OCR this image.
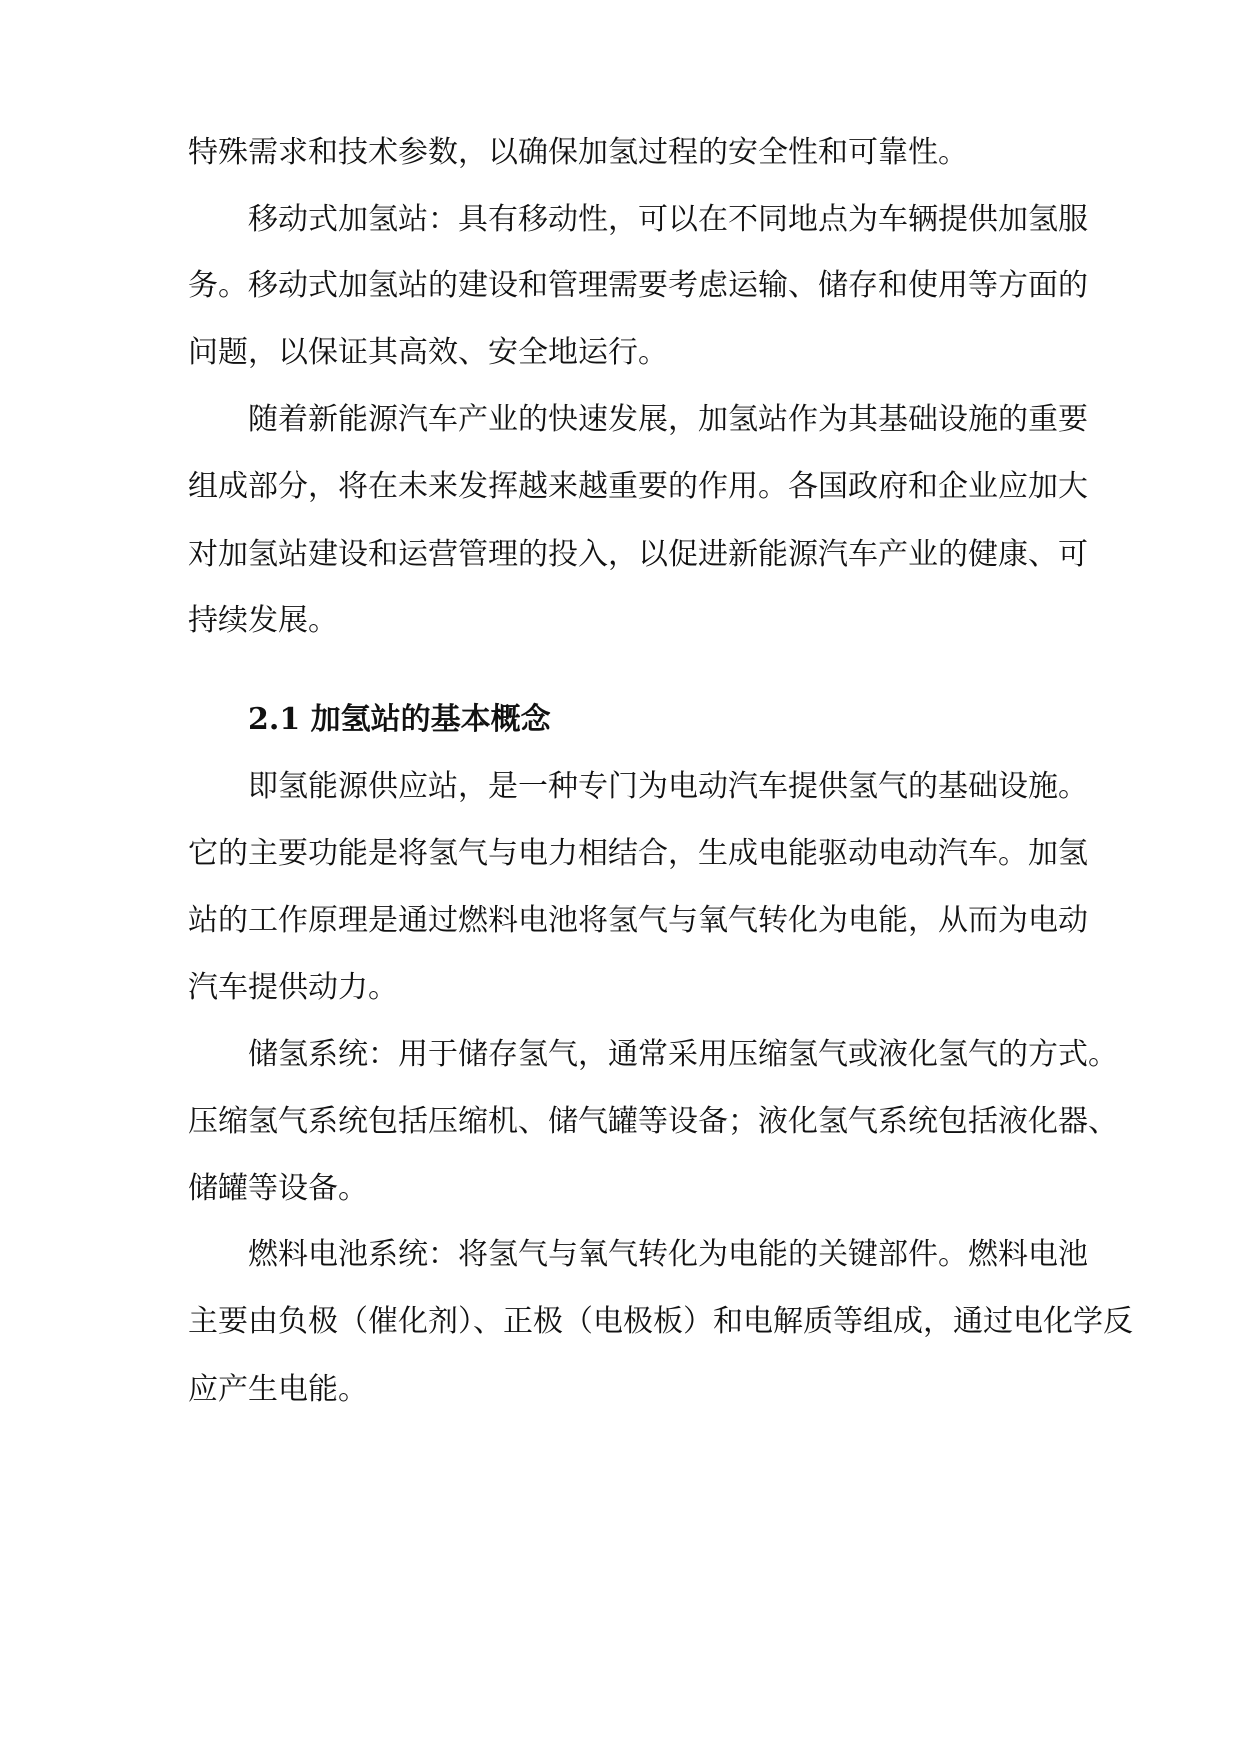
特殊需求和技术参数，以确保加氢过程的安全性和可靠性。
移动式加氢站：具有移动性，可以在不同地点为车辆提供加氢服
务。移动式加氢站的建设和管理需要考虑运输、储存和使用等方面的
问题，以保证其高效、安全地运行。
随着新能源汽车产业的快速发展，加氢站作为其基础设施的重要
组成部分，将在未来发挥越来越重要的作用。各国政府和企业应加大
对加氢站建设和运营管理的投入，以促进新能源汽车产业的健康、可
持续发展。
2.1 加氢站的基本概念
即氢能源供应站，是一种专门为电动汽车提供氢气的基础设施。
它的主要功能是将氢气与电力相结合，生成电能驱动电动汽车。加氢
站的工作原理是通过燃料电池将氢气与氧气转化为电能，从而为电动
汽车提供动力。
储氢系统：用于储存氢气，通常采用压缩氢气或液化氢气的方式。
压缩氢气系统包括压缩机、储气罐等设备；液化氢气系统包括液化器、
储罐等设备。
燃料电池系统：将氢气与氧气转化为电能的关键部件。燃料电池
主要由负极（催化剂）、正极（电极板）和电解质等组成，通过电化学反
应产生电能。
